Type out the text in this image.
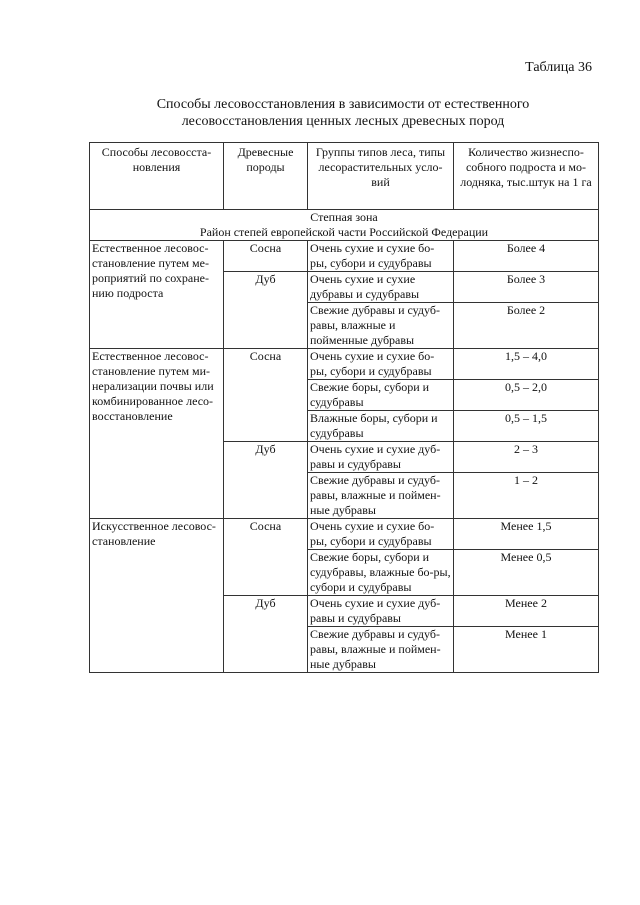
Таблица 36
Способы лесовосстановления в зависимости от естественного
лесовосстановления ценных лесных древесных пород
Способы лесовосста-новления	Древесные породы	Группы типов леса, типы лесорастительных усло-вий	Количество жизнеспо-собного подроста и мо-лодняка, тыс.штук на 1 га

Степная зона
Район степей европейской части Российской Федерации			

Естественное лесовос-становление путем ме-роприятий по сохране-нию подроста	Сосна	Очень сухие и сухие бо-ры, субори и судубравы	Более 4
	Дуб	Очень сухие и сухие дубравы и судубравы	Более 3
		Свежие дубравы и судуб-равы, влажные и пойменные дубравы	Более 2
Естественное лесовос-становление путем ми-нерализации почвы или комбинированное лесо-восстановление	Сосна	Очень сухие и сухие бо-ры, субори и судубравы	1,5 – 4,0
		Свежие боры, субори и судубравы	0,5 – 2,0
		Влажные боры, субори и судубравы	0,5 – 1,5
	Дуб	Очень сухие и сухие дуб-равы и судубравы	2 – 3
		Свежие дубравы и судуб-равы, влажные и поймен-ные дубравы	1 – 2
Искусственное лесовос-становление	Сосна	Очень сухие и сухие бо-ры, субори и судубравы	Менее 1,5
		Свежие боры, субори и судубравы, влажные бо-ры, субори и судубравы	Менее 0,5
	Дуб	Очень сухие и сухие дуб-равы и судубравы	Менее 2
		Свежие дубравы и судуб-равы, влажные и поймен-ные дубравы	Менее 1
